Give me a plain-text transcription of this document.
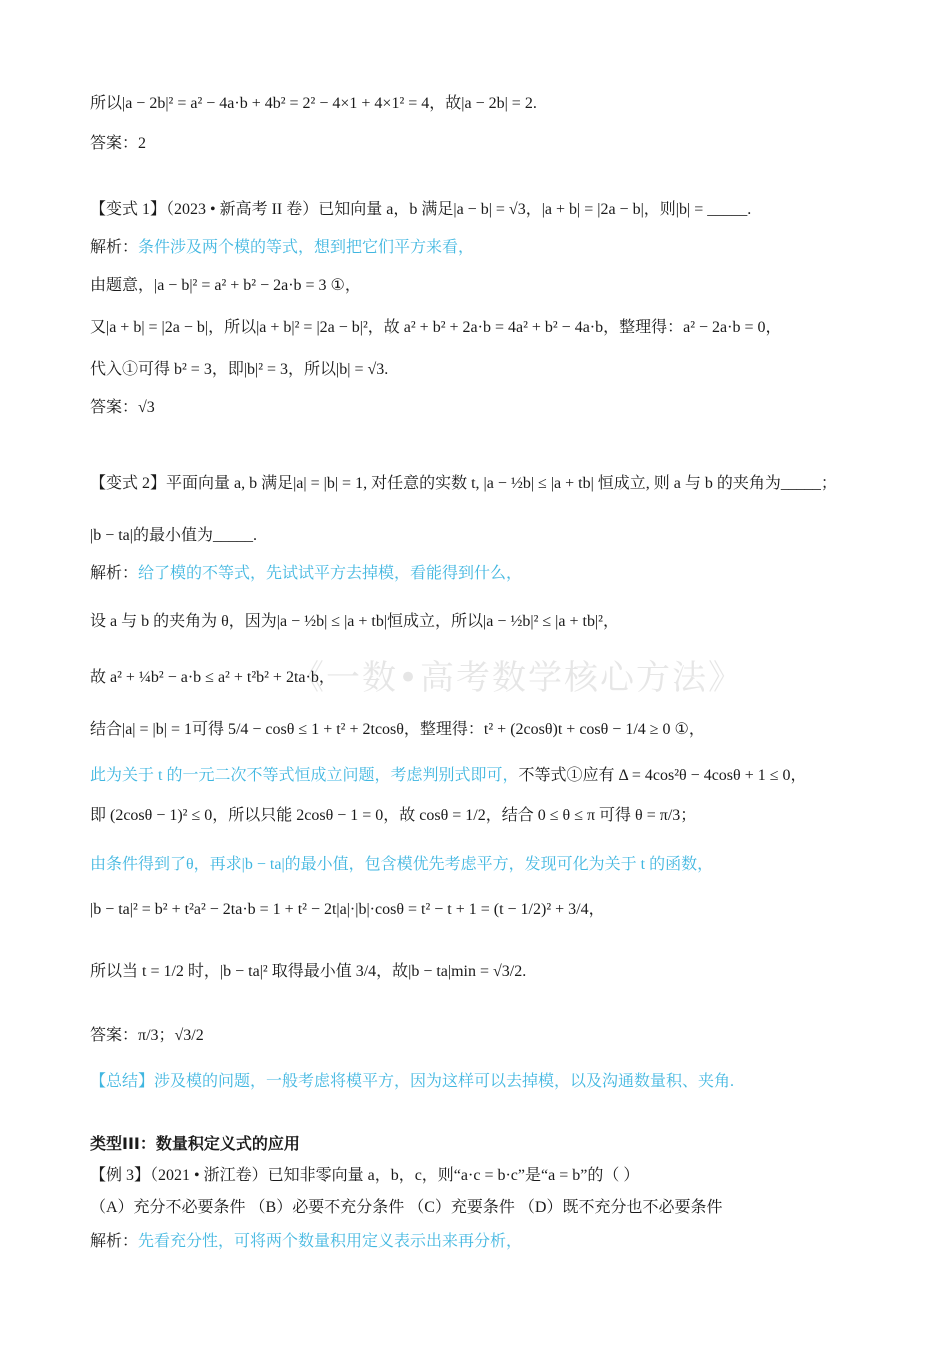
《一数•高考数学核心方法》
所以|a − 2b|² = a² − 4a·b + 4b² = 2² − 4×1 + 4×1² = 4，故|a − 2b| = 2.
答案：2
【变式 1】（2023 • 新高考 II 卷）已知向量 a，b 满足|a − b| = √3，|a + b| = |2a − b|，则|b| = _____.
解析：条件涉及两个模的等式，想到把它们平方来看，
由题意，|a − b|² = a² + b² − 2a·b = 3 ①，
又|a + b| = |2a − b|，所以|a + b|² = |2a − b|²，故 a² + b² + 2a·b = 4a² + b² − 4a·b，整理得：a² − 2a·b = 0，
代入①可得 b² = 3，即|b|² = 3，所以|b| = √3.
答案：√3
【变式 2】平面向量 a, b 满足|a| = |b| = 1, 对任意的实数 t, |a − ½b| ≤ |a + tb| 恒成立, 则 a 与 b 的夹角为_____；
|b − ta|的最小值为_____.
解析：给了模的不等式，先试试平方去掉模，看能得到什么，
设 a 与 b 的夹角为 θ，因为|a − ½b| ≤ |a + tb|恒成立，所以|a − ½b|² ≤ |a + tb|²，
故 a² + ¼b² − a·b ≤ a² + t²b² + 2ta·b，
结合|a| = |b| = 1可得 5/4 − cosθ ≤ 1 + t² + 2tcosθ，整理得：t² + (2cosθ)t + cosθ − 1/4 ≥ 0 ①，
此为关于 t 的一元二次不等式恒成立问题，考虑判别式即可，不等式①应有 Δ = 4cos²θ − 4cosθ + 1 ≤ 0，
即 (2cosθ − 1)² ≤ 0，所以只能 2cosθ − 1 = 0，故 cosθ = 1/2，结合 0 ≤ θ ≤ π 可得 θ = π/3；
由条件得到了θ，再求|b − ta|的最小值，包含模优先考虑平方，发现可化为关于 t 的函数，
|b − ta|² = b² + t²a² − 2ta·b = 1 + t² − 2t|a|·|b|·cosθ = t² − t + 1 = (t − 1/2)² + 3/4，
所以当 t = 1/2 时，|b − ta|² 取得最小值 3/4，故|b − ta|min = √3/2.
答案：π/3；√3/2
【总结】涉及模的问题，一般考虑将模平方，因为这样可以去掉模，以及沟通数量积、夹角.
类型III：数量积定义式的应用
【例 3】（2021 • 浙江卷）已知非零向量 a，b，c，则“a·c = b·c”是“a = b”的（ ）
（A）充分不必要条件 （B）必要不充分条件 （C）充要条件 （D）既不充分也不必要条件
解析：先看充分性，可将两个数量积用定义表示出来再分析，
